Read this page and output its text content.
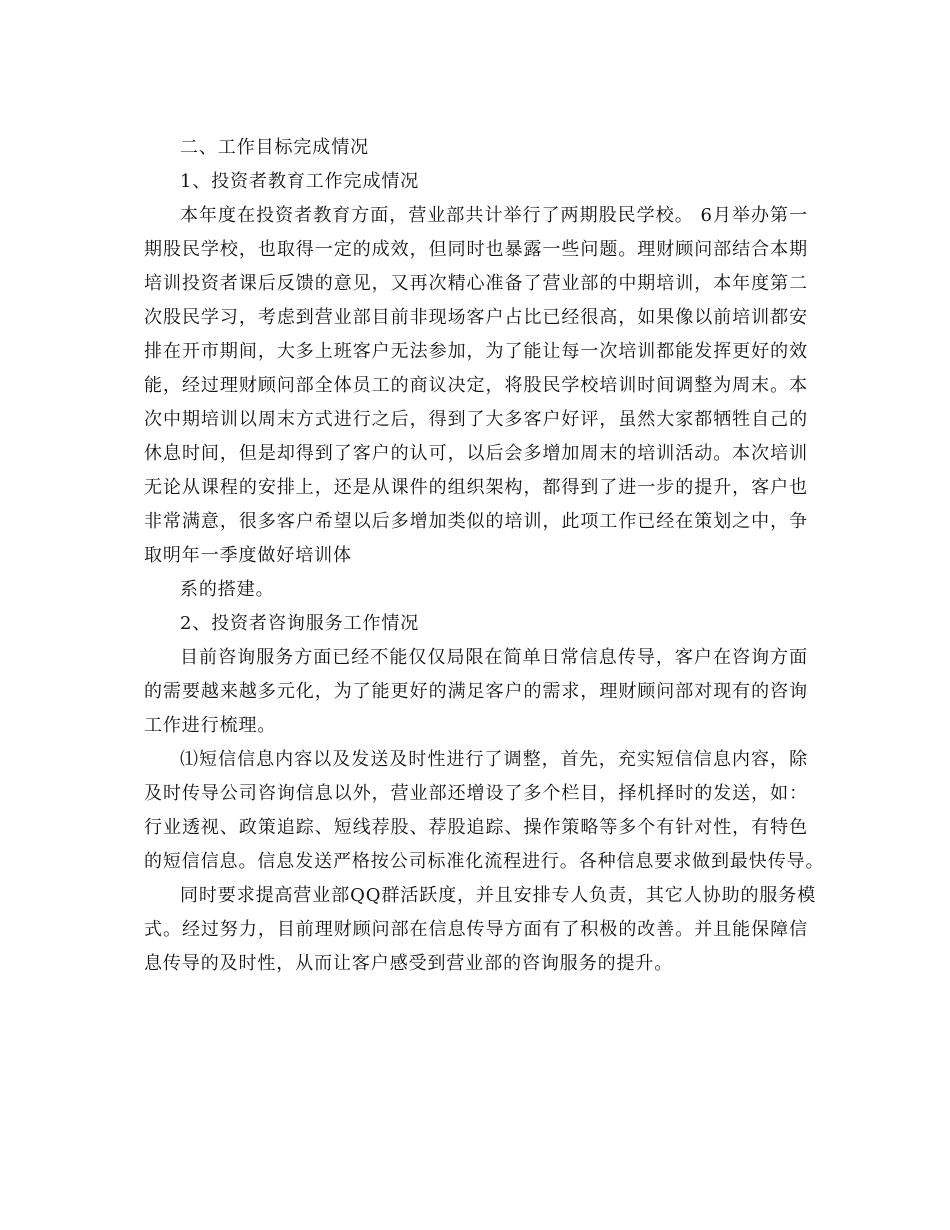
二、工作目标完成情况
1、投资者教育工作完成情况
本年度在投资者教育方面，营业部共计举行了两期股民学校。 6月举办第一
期股民学校，也取得一定的成效，但同时也暴露一些问题。理财顾问部结合本期
培训投资者课后反馈的意见，又再次精心准备了营业部的中期培训，本年度第二
次股民学习，考虑到营业部目前非现场客户占比已经很高，如果像以前培训都安
排在开市期间，大多上班客户无法参加，为了能让每一次培训都能发挥更好的效
能，经过理财顾问部全体员工的商议决定，将股民学校培训时间调整为周末。本
次中期培训以周末方式进行之后，得到了大多客户好评，虽然大家都牺牲自己的
休息时间，但是却得到了客户的认可，以后会多增加周末的培训活动。本次培训
无论从课程的安排上，还是从课件的组织架构，都得到了进一步的提升，客户也
非常满意，很多客户希望以后多增加类似的培训，此项工作已经在策划之中，争
取明年一季度做好培训体
系的搭建。
2、投资者咨询服务工作情况
目前咨询服务方面已经不能仅仅局限在简单日常信息传导，客户在咨询方面
的需要越来越多元化，为了能更好的满足客户的需求，理财顾问部对现有的咨询
工作进行梳理。
⑴短信信息内容以及发送及时性进行了调整，首先，充实短信信息内容，除
及时传导公司咨询信息以外，营业部还增设了多个栏目，择机择时的发送，如：
行业透视、政策追踪、短线荐股、荐股追踪、操作策略等多个有针对性，有特色
的短信信息。信息发送严格按公司标准化流程进行。各种信息要求做到最快传导。
同时要求提高营业部QQ群活跃度，并且安排专人负责，其它人协助的服务模
式。经过努力，目前理财顾问部在信息传导方面有了积极的改善。并且能保障信
息传导的及时性，从而让客户感受到营业部的咨询服务的提升。
